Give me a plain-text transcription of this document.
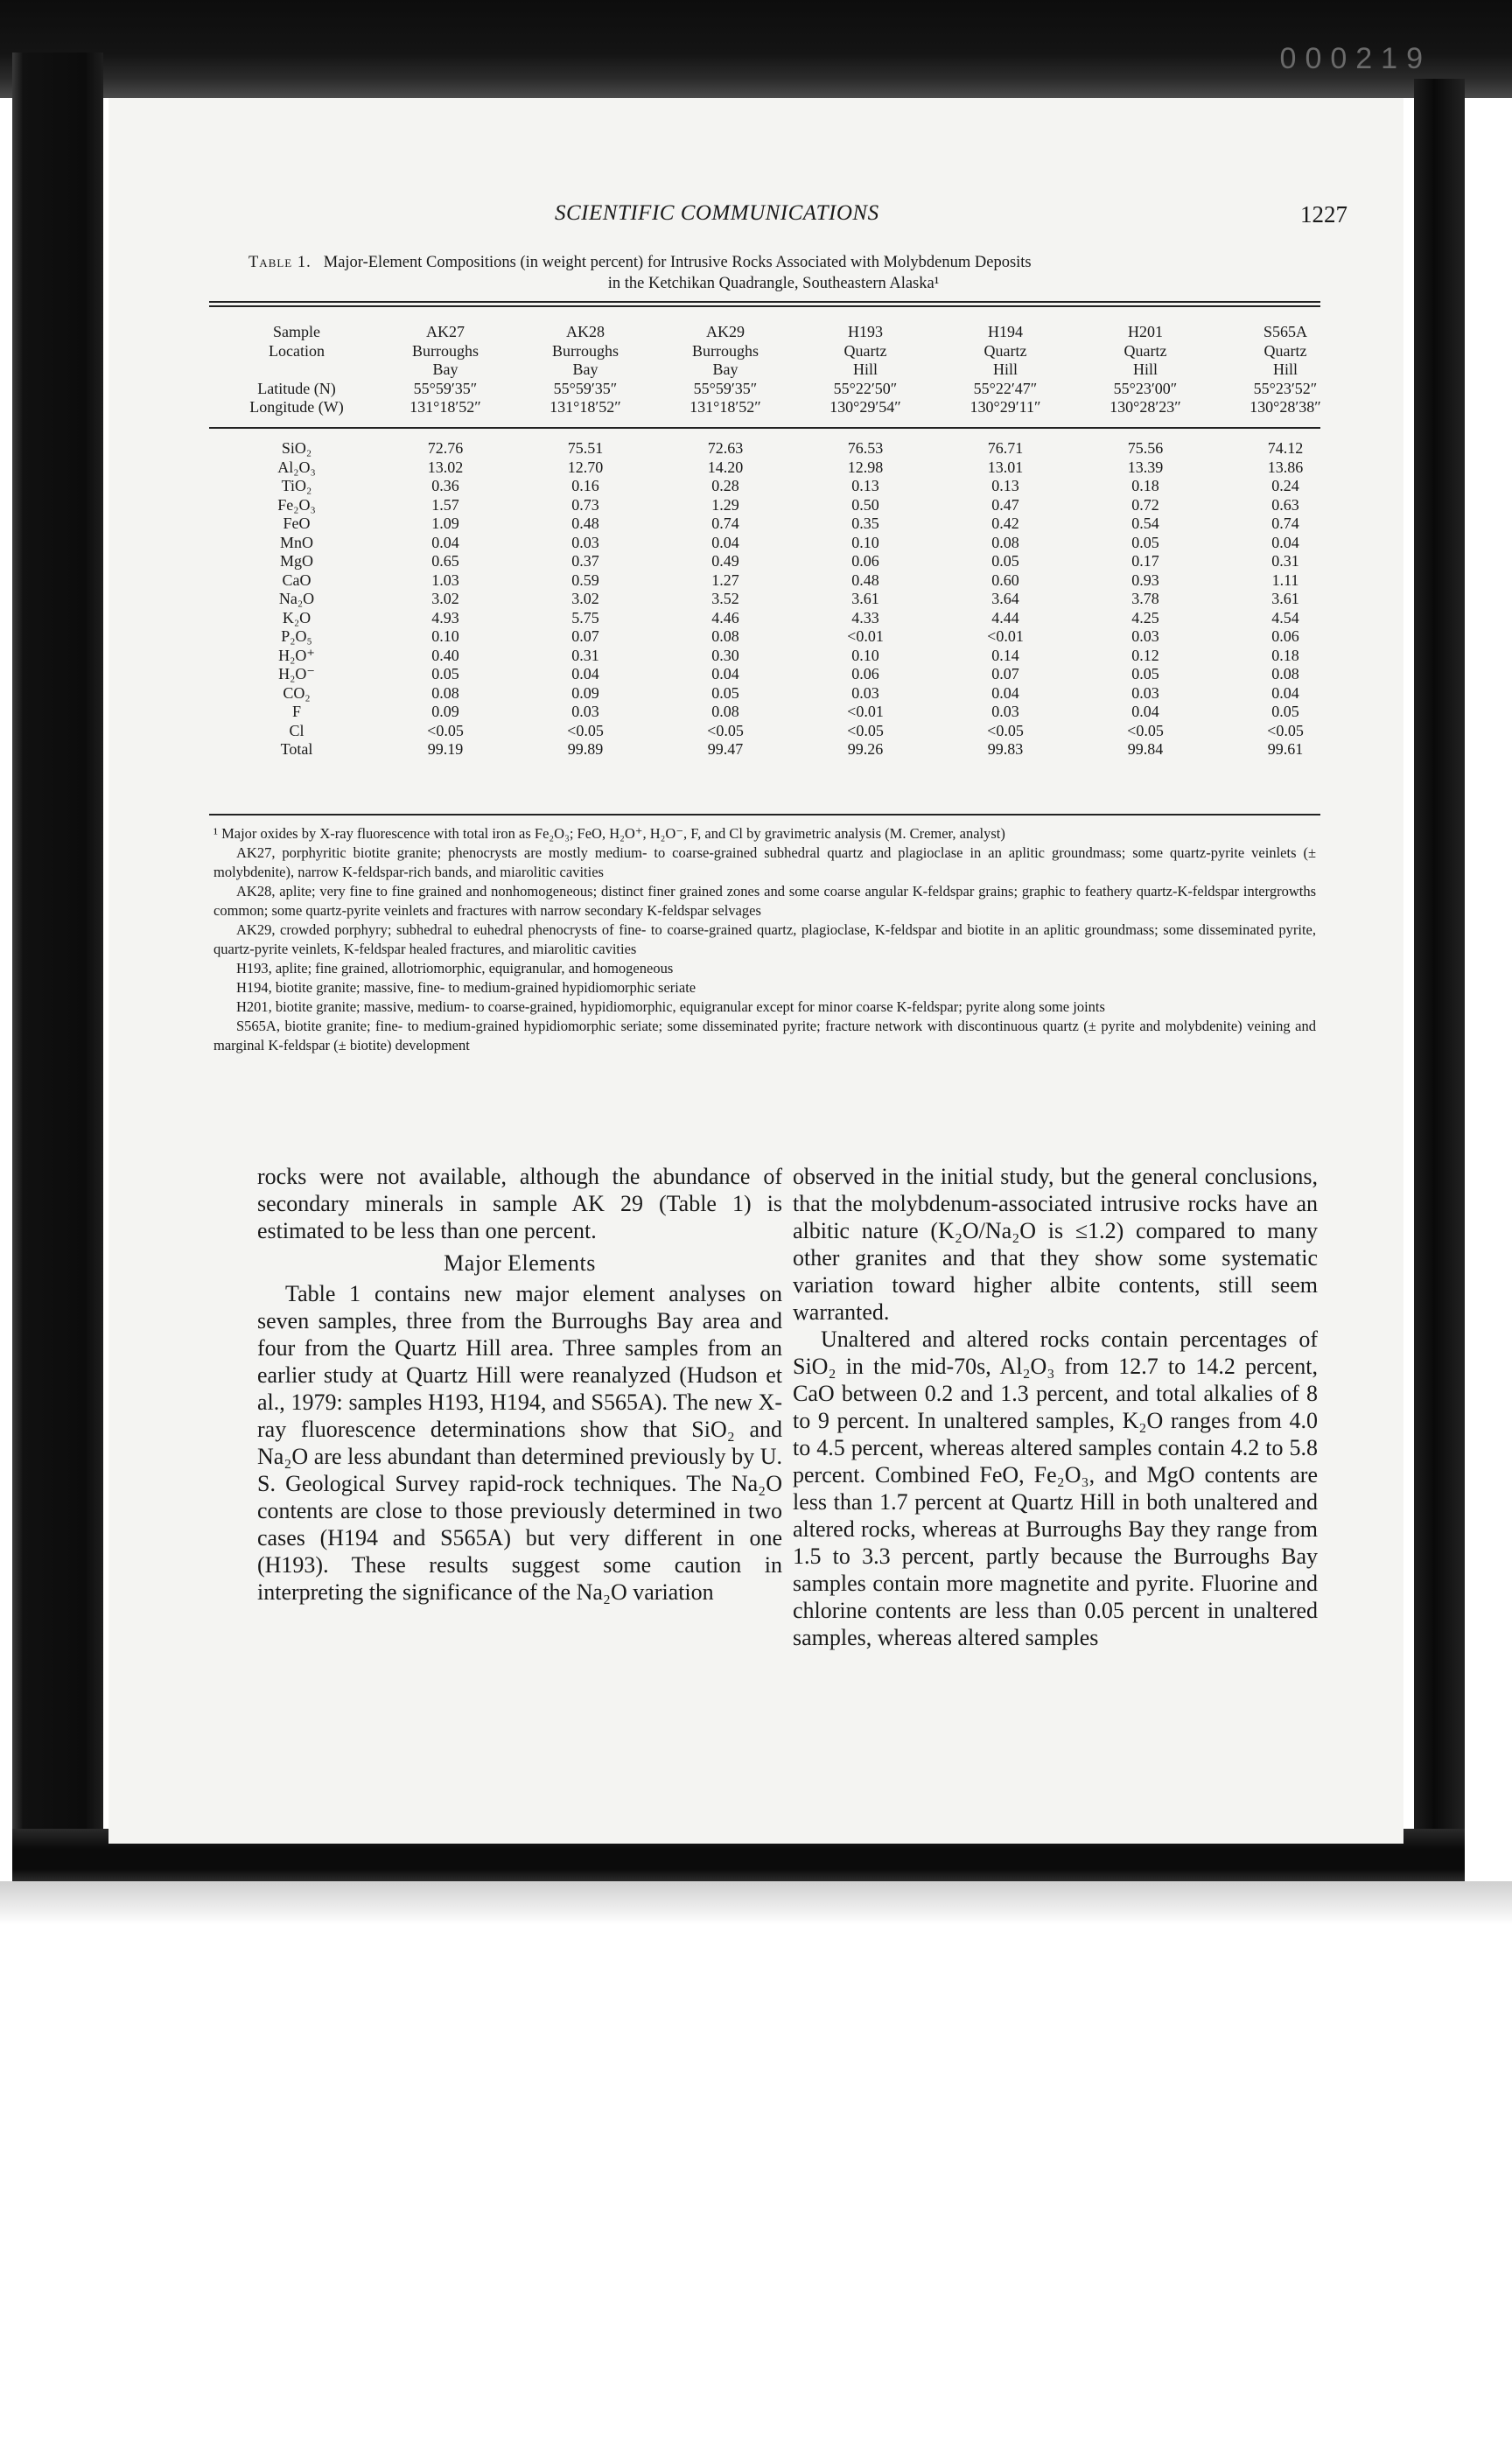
000219
SCIENTIFIC COMMUNICATIONS	1227
Table 1. Major-Element Compositions (in weight percent) for Intrusive Rocks Associated with Molybdenum Deposits
in the Ketchikan Quadrangle, Southeastern Alaska¹
Sample	AK27	AK28	AK29	H193	H194	H201	S565A
Location	Burroughs	Burroughs	Burroughs	Quartz	Quartz	Quartz	Quartz
	Bay	Bay	Bay	Hill	Hill	Hill	Hill
Latitude (N)	55°59′35″	55°59′35″	55°59′35″	55°22′50″	55°22′47″	55°23′00″	55°23′52″
Longitude (W)	131°18′52″	131°18′52″	131°18′52″	130°29′54″	130°29′11″	130°28′23″	130°28′38″
SiO₂	72.76	75.51	72.63	76.53	76.71	75.56	74.12
Al₂O₃	13.02	12.70	14.20	12.98	13.01	13.39	13.86
TiO₂	0.36	0.16	0.28	0.13	0.13	0.18	0.24
Fe₂O₃	1.57	0.73	1.29	0.50	0.47	0.72	0.63
FeO	1.09	0.48	0.74	0.35	0.42	0.54	0.74
MnO	0.04	0.03	0.04	0.10	0.08	0.05	0.04
MgO	0.65	0.37	0.49	0.06	0.05	0.17	0.31
CaO	1.03	0.59	1.27	0.48	0.60	0.93	1.11
Na₂O	3.02	3.02	3.52	3.61	3.64	3.78	3.61
K₂O	4.93	5.75	4.46	4.33	4.44	4.25	4.54
P₂O₅	0.10	0.07	0.08	<0.01	<0.01	0.03	0.06
H₂O⁺	0.40	0.31	0.30	0.10	0.14	0.12	0.18
H₂O⁻	0.05	0.04	0.04	0.06	0.07	0.05	0.08
CO₂	0.08	0.09	0.05	0.03	0.04	0.03	0.04
F	0.09	0.03	0.08	<0.01	0.03	0.04	0.05
Cl	<0.05	<0.05	<0.05	<0.05	<0.05	<0.05	<0.05
Total	99.19	99.89	99.47	99.26	99.83	99.84	99.61

¹ Major oxides by X-ray fluorescence with total iron as Fe₂O₃; FeO, H₂O⁺, H₂O⁻, F, and Cl by gravimetric analysis (M. Cremer, analyst)

AK27, porphyritic biotite granite; phenocrysts are mostly medium- to coarse-grained subhedral quartz and plagioclase in an aplitic groundmass; some quartz-pyrite veinlets (± molybdenite), narrow K-feldspar-rich bands, and miarolitic cavities

AK28, aplite; very fine to fine grained and nonhomogeneous; distinct finer grained zones and some coarse angular K-feldspar grains; graphic to feathery quartz-K-feldspar intergrowths common; some quartz-pyrite veinlets and fractures with narrow secondary K-feldspar selvages

AK29, crowded porphyry; subhedral to euhedral phenocrysts of fine- to coarse-grained quartz, plagioclase, K-feldspar and biotite in an aplitic groundmass; some disseminated pyrite, quartz-pyrite veinlets, K-feldspar healed fractures, and miarolitic cavities

H193, aplite; fine grained, allotriomorphic, equigranular, and homogeneous

H194, biotite granite; massive, fine- to medium-grained hypidiomorphic seriate

H201, biotite granite; massive, medium- to coarse-grained, hypidiomorphic, equigranular except for minor coarse K-feldspar; pyrite along some joints

S565A, biotite granite; fine- to medium-grained hypidiomorphic seriate; some disseminated pyrite; fracture network with discontinuous quartz (± pyrite and molybdenite) veining and marginal K-feldspar (± biotite) development

rocks were not available, although the abundance of secondary minerals in sample AK 29 (Table 1) is estimated to be less than one percent.

Major Elements

Table 1 contains new major element analyses on seven samples, three from the Burroughs Bay area and four from the Quartz Hill area. Three samples from an earlier study at Quartz Hill were reanalyzed (Hudson et al., 1979: samples H193, H194, and S565A). The new X-ray fluorescence determinations show that SiO₂ and Na₂O are less abundant than determined previously by U. S. Geological Survey rapid-rock techniques. The Na₂O contents are close to those previously determined in two cases (H194 and S565A) but very different in one (H193). These results suggest some caution in interpreting the significance of the Na₂O variation

observed in the initial study, but the general conclusions, that the molybdenum-associated intrusive rocks have an albitic nature (K₂O/Na₂O is ≤1.2) compared to many other granites and that they show some systematic variation toward higher albite contents, still seem warranted.

Unaltered and altered rocks contain percentages of SiO₂ in the mid-70s, Al₂O₃ from 12.7 to 14.2 percent, CaO between 0.2 and 1.3 percent, and total alkalies of 8 to 9 percent. In unaltered samples, K₂O ranges from 4.0 to 4.5 percent, whereas altered samples contain 4.2 to 5.8 percent. Combined FeO, Fe₂O₃, and MgO contents are less than 1.7 percent at Quartz Hill in both unaltered and altered rocks, whereas at Burroughs Bay they range from 1.5 to 3.3 percent, partly because the Burroughs Bay samples contain more magnetite and pyrite. Fluorine and chlorine contents are less than 0.05 percent in unaltered samples, whereas altered samples
